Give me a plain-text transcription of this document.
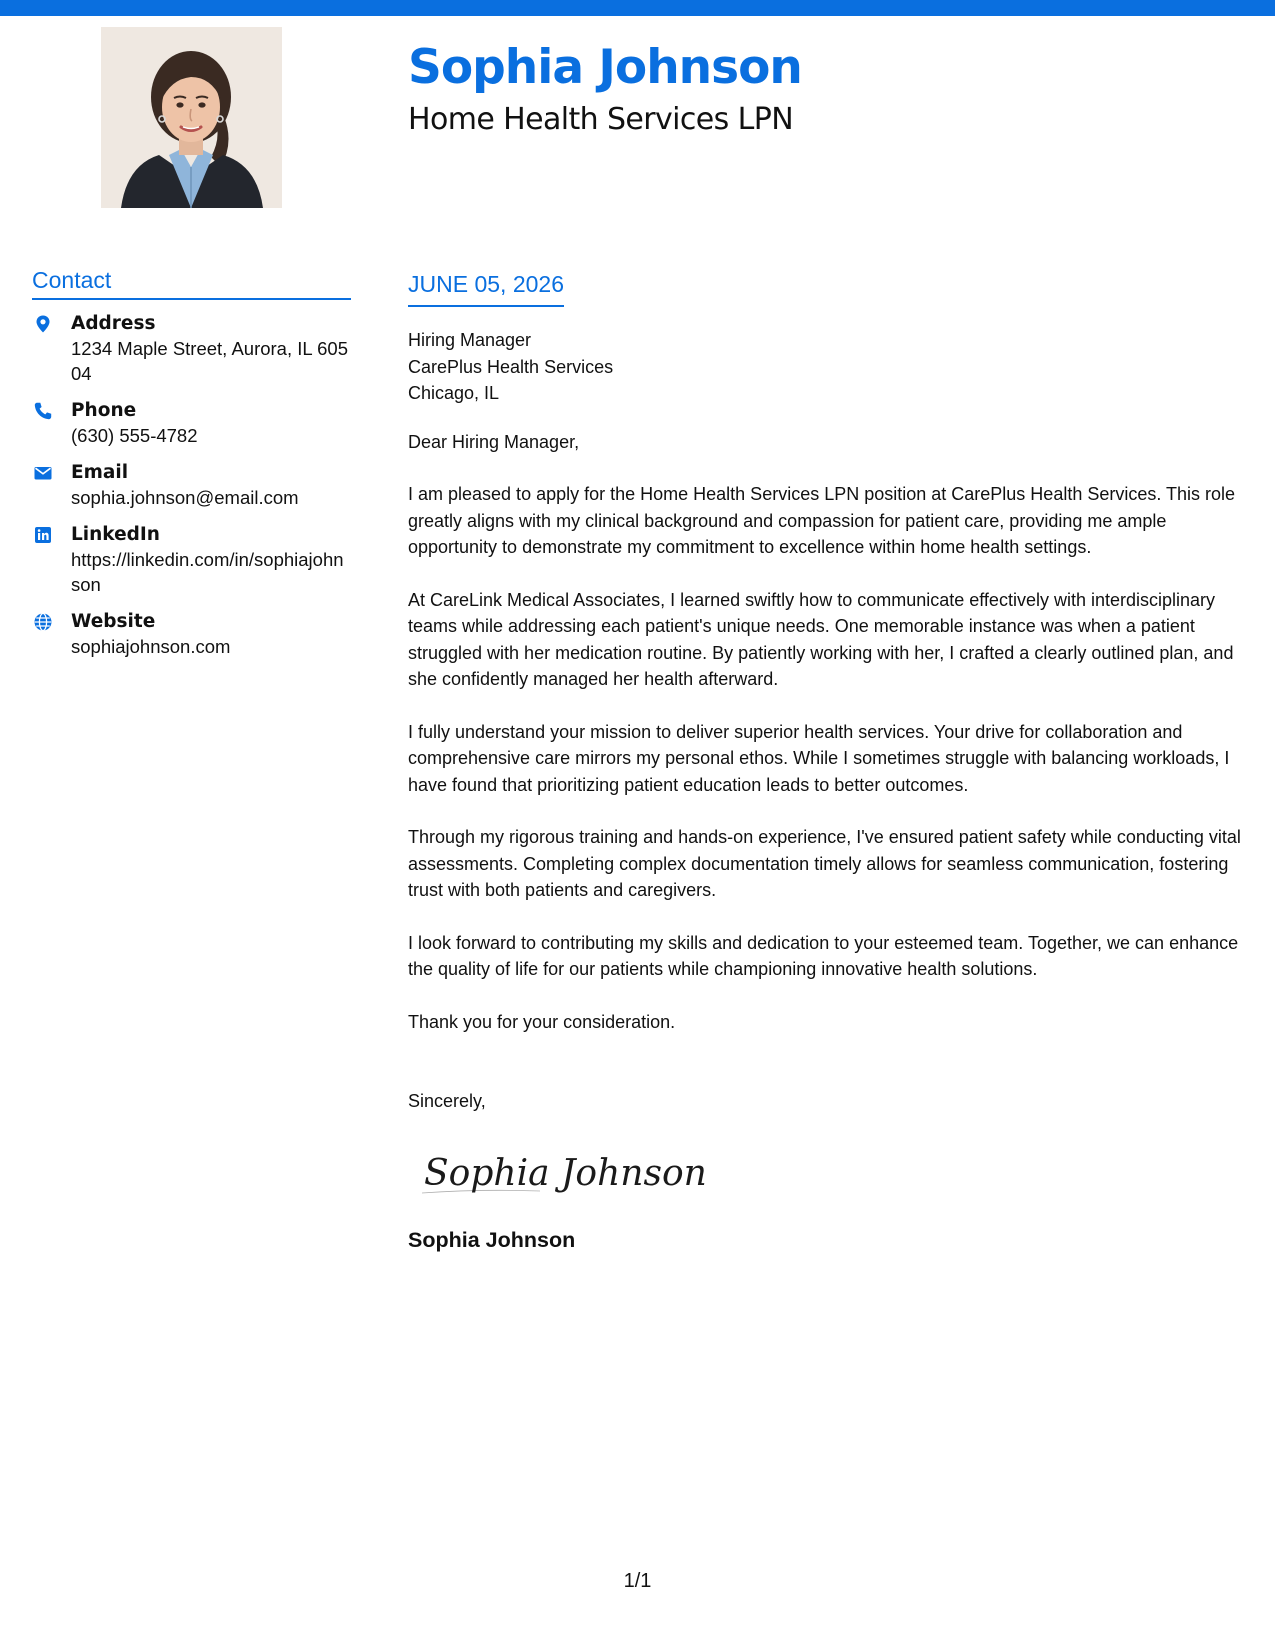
Sophia Johnson
Home Health Services LPN
Contact
Address
1234 Maple Street, Aurora, IL 60504
Phone
(630) 555-4782
Email
sophia.johnson@email.com
LinkedIn
https://linkedin.com/in/sophiajohnson
Website
sophiajohnson.com
JUNE 05, 2026
Hiring Manager
CarePlus Health Services
Chicago, IL
Dear Hiring Manager,

I am pleased to apply for the Home Health Services LPN position at CarePlus Health Services. This role greatly aligns with my clinical background and compassion for patient care, providing me ample opportunity to demonstrate my commitment to excellence within home health settings.

At CareLink Medical Associates, I learned swiftly how to communicate effectively with interdisciplinary teams while addressing each patient's unique needs. One memorable instance was when a patient struggled with her medication routine. By patiently working with her, I crafted a clearly outlined plan, and she confidently managed her health afterward.

I fully understand your mission to deliver superior health services. Your drive for collaboration and comprehensive care mirrors my personal ethos. While I sometimes struggle with balancing workloads, I have found that prioritizing patient education leads to better outcomes.

Through my rigorous training and hands-on experience, I've ensured patient safety while conducting vital assessments. Completing complex documentation timely allows for seamless communication, fostering trust with both patients and caregivers.

I look forward to contributing my skills and dedication to your esteemed team. Together, we can enhance the quality of life for our patients while championing innovative health solutions.

Thank you for your consideration.

Sincerely,
Sophia Johnson
Sophia Johnson
1/1
